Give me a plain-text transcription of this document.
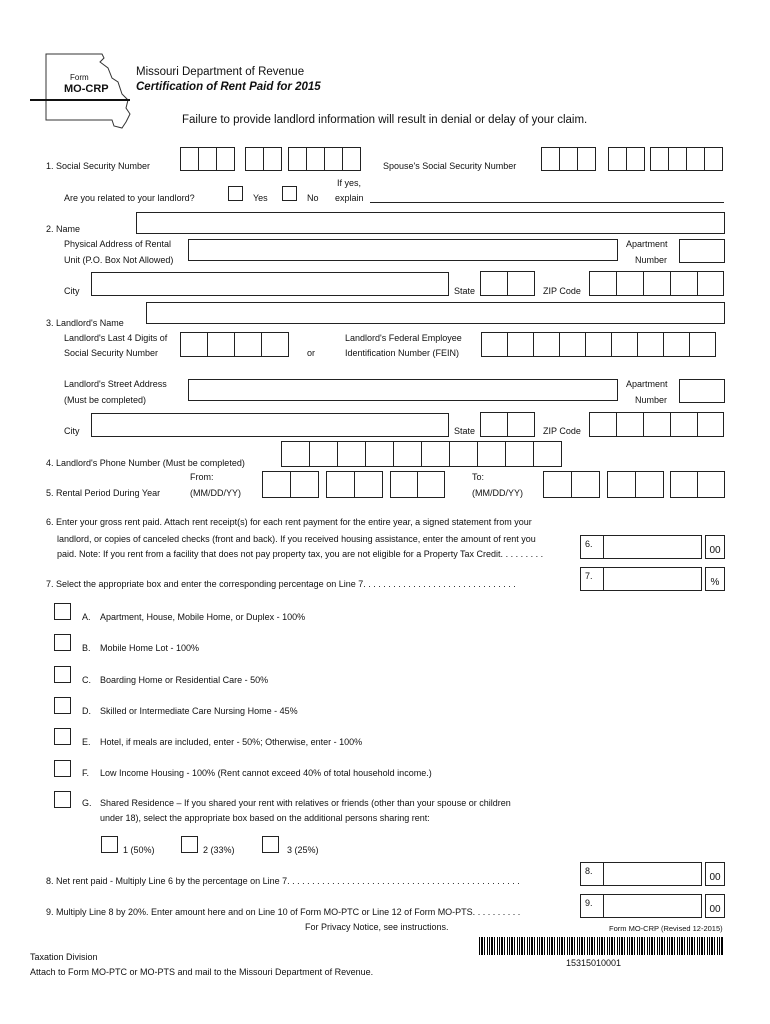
Form
MO-CRP
Missouri Department of Revenue
Certification of Rent Paid for 2015
Failure to provide landlord information will result in denial or delay of your claim.
1. Social Security Number	Spouse's Social Security Number
Are you related to your landlord?	Yes	No
If yes,
explain
2. Name
Physical Address of Rental
Unit (P.O. Box Not Allowed)
Apartment
Number
City	State	ZIP Code
3. Landlord's Name
Landlord's Last 4 Digits of
Social Security Number	or
Landlord's Federal Employee
Identification Number (FEIN)
Landlord's Street Address
(Must be completed)
Apartment
Number
City	State	ZIP Code
4. Landlord's Phone Number (Must be completed)
From:	To:
5. Rental Period During Year	(MM/DD/YY)	(MM/DD/YY)
6. Enter your gross rent paid. Attach rent receipt(s) for each rent payment for the entire year, a signed statement from your
landlord, or copies of canceled checks (front and back). If you received housing assistance, enter the amount of rent you
paid. Note: If you rent from a facility that does not pay property tax, you are not eligible for a Property Tax Credit. . . . . . . . .
6.
00
7. Select the appropriate box and enter the corresponding percentage on Line 7. . . . . . . . . . . . . . . . . . . . . . . . . . . . . . .
7.
%
A. Apartment, House, Mobile Home, or Duplex - 100%
B. Mobile Home Lot - 100%
C. Boarding Home or Residential Care - 50%
D. Skilled or Intermediate Care Nursing Home - 45%
E. Hotel, if meals are included, enter - 50%; Otherwise, enter - 100%
F. Low Income Housing - 100% (Rent cannot exceed 40% of total household income.)
G. Shared Residence – If you shared your rent with relatives or friends (other than your spouse or children
under 18), select the appropriate box based on the additional persons sharing rent:
1 (50%)	2 (33%)	3 (25%)
8. Net rent paid - Multiply Line 6 by the percentage on Line 7. . . . . . . . . . . . . . . . . . . . . . . . . . . . . . . . . . . . . . . . . . . . . . .
8.
00
9. Multiply Line 8 by 20%. Enter amount here and on Line 10 of Form MO-PTC or Line 12 of Form MO-PTS. . . . . . . . . .
9.
00
For Privacy Notice, see instructions.	Form MO-CRP (Revised 12-2015)
Taxation Division
Attach to Form MO-PTC or MO-PTS and mail to the Missouri Department of Revenue.
15315010001
